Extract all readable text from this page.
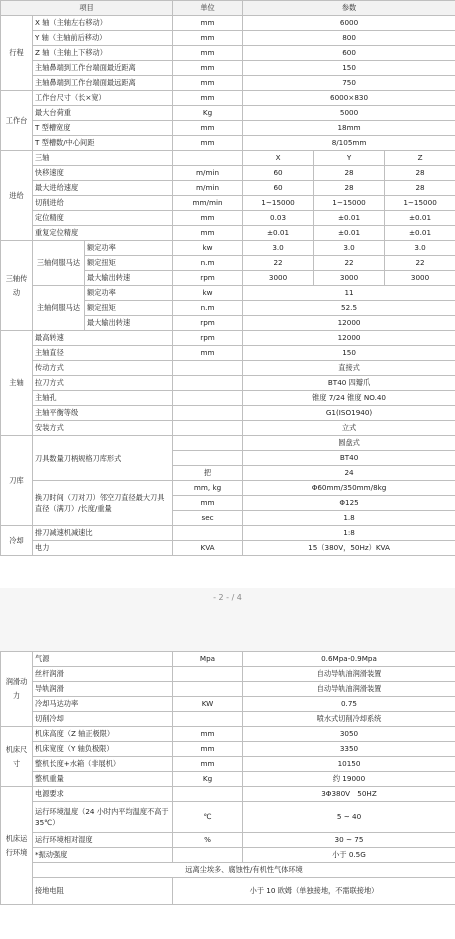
项目			单位	参数		
行程	X 轴（主轴左右移动）		mm	6000		
	Y 轴（主轴前后移动）		mm	800		
	Z 轴（主轴上下移动）		mm	600		
	主轴鼻端到工作台端面最近距离		mm	150		
	主轴鼻端到工作台端面最远距离		mm	750		
工作台	工作台尺寸（长×宽）		mm	6000×830		
	最大台荷重		Kg	5000		
	T 型槽宽度		mm	18mm		
	T 型槽数/中心间距		mm	8/105mm		
进给	三轴			X	Y	Z
	快移速度		m/min	60	28	28
	最大进给速度		m/min	60	28	28
	切削进给		mm/min	1~15000	1~15000	1~15000
	定位精度		mm	0.03	±0.01	±0.01
	重复定位精度		mm	±0.01	±0.01	±0.01
三轴传动	三轴伺服马达	额定功率	kw	3.0	3.0	3.0
		额定扭矩	n.m	22	22	22
		最大输出转速	rpm	3000	3000	3000
	主轴伺服马达	额定功率	kw	11		
		额定扭矩	n.m	52.5		
		最大输出转速	rpm	12000		
主轴	最高转速		rpm	12000		
	主轴直径		mm	150		
	传动方式			直接式		
	拉刀方式			BT40 四瓣爪		
	主轴孔			锥度 7/24 锥度 NO.40		
	主轴平衡等级			G1(ISO1940)		
	安装方式			立式		
刀库	刀具数量刀柄规格刀库形式			圆盘式		
				BT40		
			把	24		
	换刀时间（刀对刀）邻空刀直径最大刀具直径（满刀）/长度/重量		mm, kg	Φ60mm/350mm/8kg		
			mm	Φ125		
			sec	1.8		
冷却	排刀减速机减速比			1:8		
	电力		KVA	15（380V，50Hz）KVA		
- 2 - / 4
润滑动力	气源	Mpa	0.6Mpa-0.9Mpa
	丝杆润滑		自动导轨油润滑装置
	导轨润滑		自动导轨油润滑装置
	冷却马达功率	KW	0.75
	切削冷却		喷水式切削冷却系统
机床尺寸	机床高度（Z 轴正极限）	mm	3050
	机床宽度（Y 轴负极限）	mm	3350
	整机长度+水箱（非展机）	mm	10150
	整机重量	Kg	约 19000
机床运行环境	电源要求		3Φ380V　50HZ
	运行环境温度（24 小时内平均温度不高于 35℃）	℃	5 ~ 40
	运行环境相对湿度	%	30 ~ 75
	*振动强度		小于 0.5G
	远离尘埃多、腐蚀性/有机性气体环境		
	接地电阻	小于 10 欧姆（单独接地，不需联接地）	
